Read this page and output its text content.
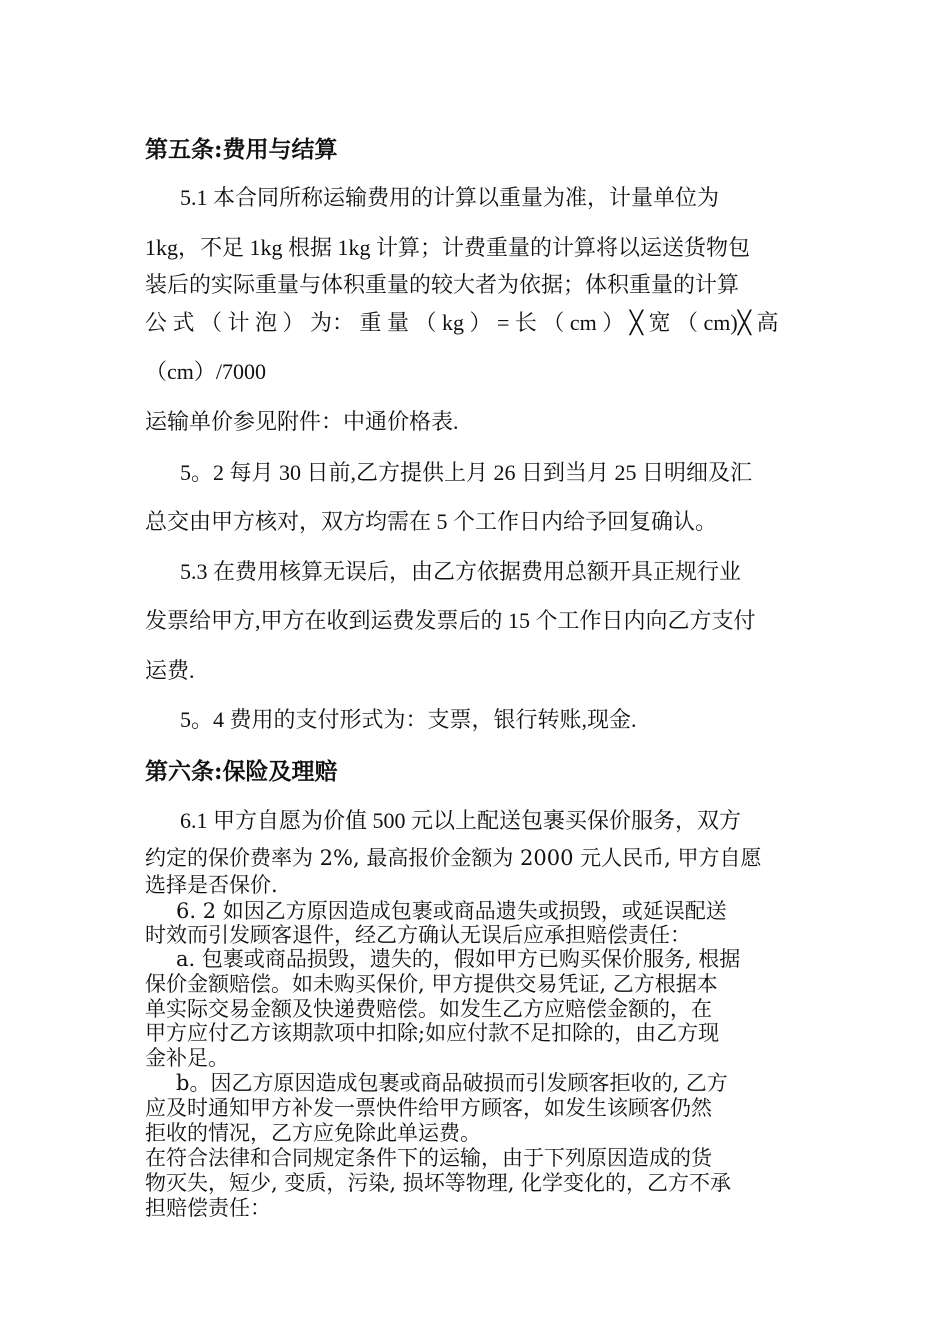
第五条:费用与结算
5.1 本合同所称运输费用的计算以重量为准，计量单位为
1kg，不足 1kg 根据 1kg 计算；计费重量的计算将以运送货物包
装后的实际重量与体积重量的较大者为依据；体积重量的计算
公 式 （ 计 泡 ） 为： 重 量 （ kg ） = 长 （ cm ） ╳ 宽 （ cm)╳ 高
（cm）/7000
运输单价参见附件：中通价格表.
5。2 每月 30 日前,乙方提供上月 26 日到当月 25 日明细及汇
总交由甲方核对，双方均需在 5 个工作日内给予回复确认。
5.3 在费用核算无误后，由乙方依据费用总额开具正规行业
发票给甲方,甲方在收到运费发票后的 15 个工作日内向乙方支付
运费.
5。4 费用的支付形式为：支票，银行转账,现金.
第六条:保险及理赔
6.1 甲方自愿为价值 500 元以上配送包裹买保价服务，双方
约定的保价费率为 2%, 最高报价金额为 2000 元人民币, 甲方自愿
选择是否保价.
6. 2 如因乙方原因造成包裹或商品遗失或损毁，或延误配送
时效而引发顾客退件，经乙方确认无误后应承担赔偿责任：
a. 包裹或商品损毁，遗失的，假如甲方已购买保价服务, 根据
保价金额赔偿。如未购买保价, 甲方提供交易凭证, 乙方根据本
单实际交易金额及快递费赔偿。如发生乙方应赔偿金额的，在
甲方应付乙方该期款项中扣除;如应付款不足扣除的，由乙方现
金补足。
b。因乙方原因造成包裹或商品破损而引发顾客拒收的, 乙方
应及时通知甲方补发一票快件给甲方顾客，如发生该顾客仍然
拒收的情况，乙方应免除此单运费。
在符合法律和合同规定条件下的运输，由于下列原因造成的货
物灭失，短少, 变质，污染, 损坏等物理, 化学变化的，乙方不承
担赔偿责任：
